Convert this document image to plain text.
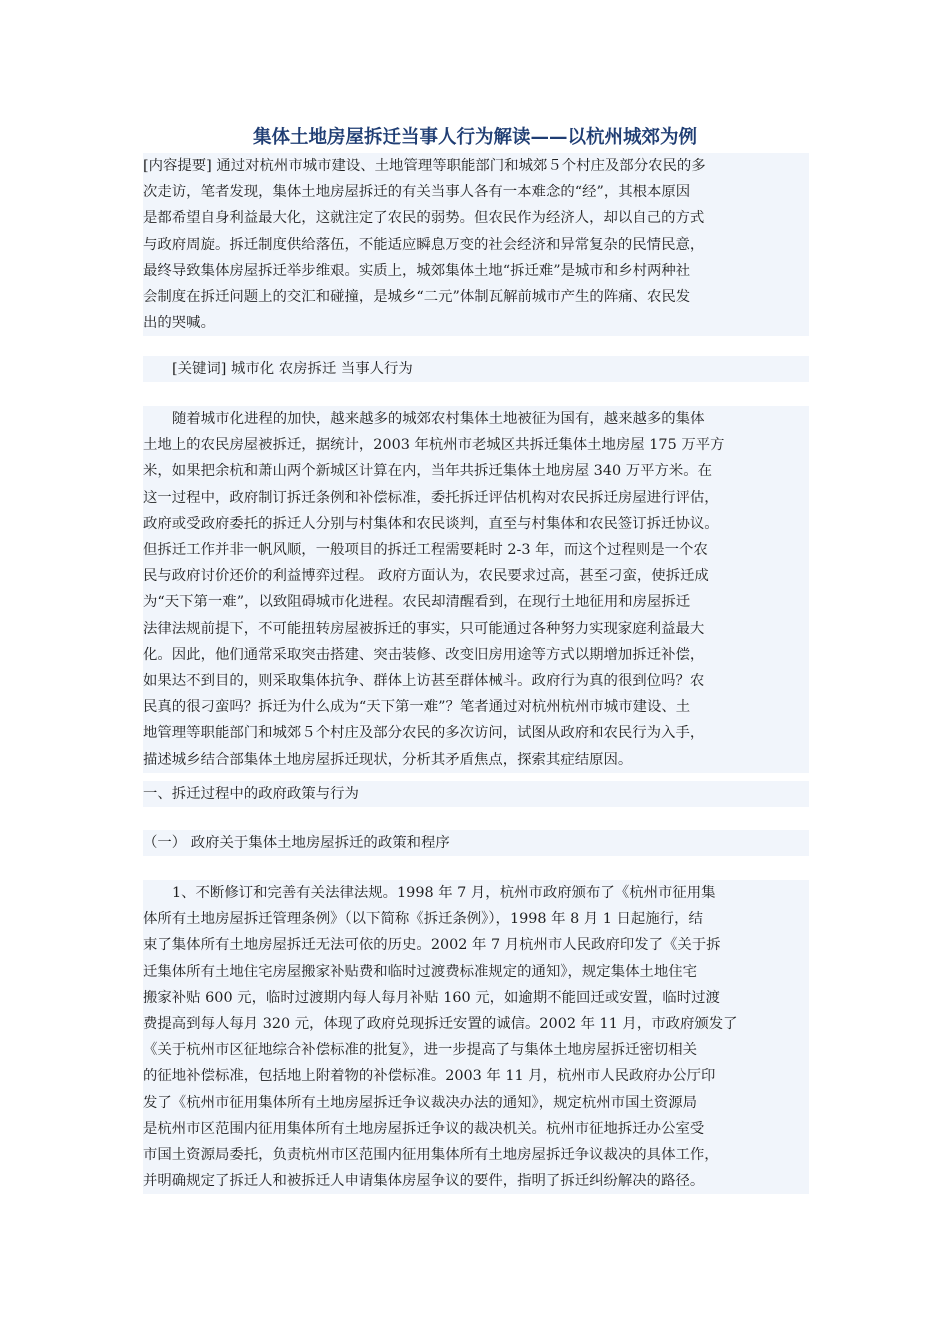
集体土地房屋拆迁当事人行为解读——以杭州城郊为例
[内容提要] 通过对杭州市城市建设、土地管理等职能部门和城郊５个村庄及部分农民的多
次走访，笔者发现，集体土地房屋拆迁的有关当事人各有一本难念的“经”，其根本原因
是都希望自身利益最大化，这就注定了农民的弱势。但农民作为经济人，却以自己的方式
与政府周旋。拆迁制度供给落伍，不能适应瞬息万变的社会经济和异常复杂的民情民意，
最终导致集体房屋拆迁举步维艰。实质上，城郊集体土地“拆迁难”是城市和乡村两种社
会制度在拆迁问题上的交汇和碰撞，是城乡“二元”体制瓦解前城市产生的阵痛、农民发
出的哭喊。
[关键词] 城市化 农房拆迁 当事人行为
随着城市化进程的加快，越来越多的城郊农村集体土地被征为国有，越来越多的集体
土地上的农民房屋被拆迁，据统计，2003 年杭州市老城区共拆迁集体土地房屋 175 万平方
米，如果把余杭和萧山两个新城区计算在内，当年共拆迁集体土地房屋 340 万平方米。在
这一过程中，政府制订拆迁条例和补偿标准，委托拆迁评估机构对农民拆迁房屋进行评估，
政府或受政府委托的拆迁人分别与村集体和农民谈判，直至与村集体和农民签订拆迁协议。
但拆迁工作并非一帆风顺，一般项目的拆迁工程需要耗时 2-3 年，而这个过程则是一个农
民与政府讨价还价的利益博弈过程。 政府方面认为，农民要求过高，甚至刁蛮，使拆迁成
为“天下第一难”，以致阻碍城市化进程。农民却清醒看到，在现行土地征用和房屋拆迁
法律法规前提下，不可能扭转房屋被拆迁的事实，只可能通过各种努力实现家庭利益最大
化。因此，他们通常采取突击搭建、突击装修、改变旧房用途等方式以期增加拆迁补偿，
如果达不到目的，则采取集体抗争、群体上访甚至群体械斗。政府行为真的很到位吗？农
民真的很刁蛮吗？拆迁为什么成为“天下第一难”？笔者通过对杭州杭州市城市建设、土
地管理等职能部门和城郊５个村庄及部分农民的多次访问，试图从政府和农民行为入手，
描述城乡结合部集体土地房屋拆迁现状，分析其矛盾焦点，探索其症结原因。
一、拆迁过程中的政府政策与行为
（一） 政府关于集体土地房屋拆迁的政策和程序
1、不断修订和完善有关法律法规。1998 年 7 月，杭州市政府颁布了《杭州市征用集
体所有土地房屋拆迁管理条例》（以下简称《拆迁条例》），1998 年 8 月 1 日起施行，结
束了集体所有土地房屋拆迁无法可依的历史。2002 年 7 月杭州市人民政府印发了《关于拆
迁集体所有土地住宅房屋搬家补贴费和临时过渡费标准规定的通知》，规定集体土地住宅
搬家补贴 600 元，临时过渡期内每人每月补贴 160 元，如逾期不能回迁或安置，临时过渡
费提高到每人每月 320 元，体现了政府兑现拆迁安置的诚信。2002 年 11 月，市政府颁发了
《关于杭州市区征地综合补偿标准的批复》，进一步提高了与集体土地房屋拆迁密切相关
的征地补偿标准，包括地上附着物的补偿标准。2003 年 11 月，杭州市人民政府办公厅印
发了《杭州市征用集体所有土地房屋拆迁争议裁决办法的通知》，规定杭州市国土资源局
是杭州市区范围内征用集体所有土地房屋拆迁争议的裁决机关。杭州市征地拆迁办公室受
市国土资源局委托，负责杭州市区范围内征用集体所有土地房屋拆迁争议裁决的具体工作，
并明确规定了拆迁人和被拆迁人申请集体房屋争议的要件，指明了拆迁纠纷解决的路径。
